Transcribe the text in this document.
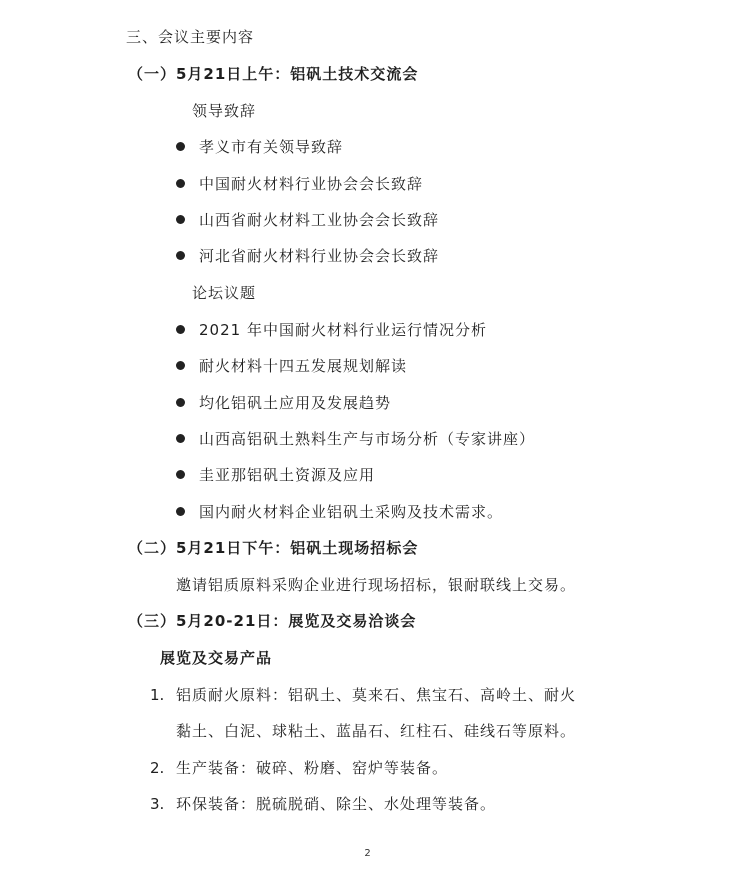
三、会议主要内容
（一）5月21日上午：铝矾土技术交流会
领导致辞
孝义市有关领导致辞
中国耐火材料行业协会会长致辞
山西省耐火材料工业协会会长致辞
河北省耐火材料行业协会会长致辞
论坛议题
2021 年中国耐火材料行业运行情况分析
耐火材料十四五发展规划解读
均化铝矾土应用及发展趋势
山西高铝矾土熟料生产与市场分析（专家讲座）
圭亚那铝矾土资源及应用
国内耐火材料企业铝矾土采购及技术需求。
（二）5月21日下午：铝矾土现场招标会
邀请铝质原料采购企业进行现场招标，银耐联线上交易。
（三）5月20-21日：展览及交易洽谈会
展览及交易产品
1. 铝质耐火原料：铝矾土、莫来石、焦宝石、高岭土、耐火
黏土、白泥、球粘土、蓝晶石、红柱石、硅线石等原料。
2. 生产装备：破碎、粉磨、窑炉等装备。
3. 环保装备：脱硫脱硝、除尘、水处理等装备。
2
